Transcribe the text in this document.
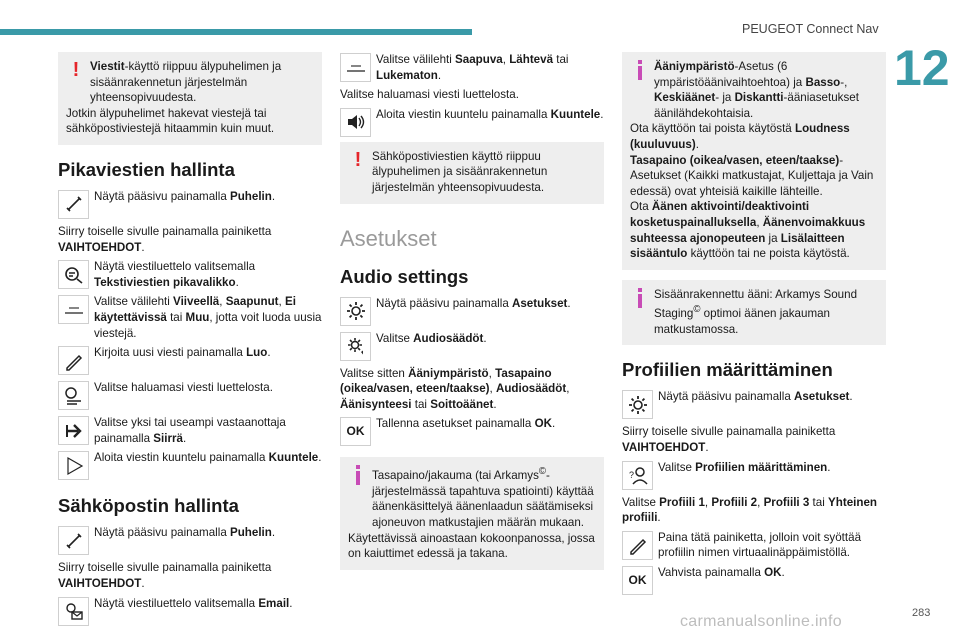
PEUGEOT Connect Nav
12
! Viestit-käyttö riippuu älypuhelimen ja sisäänrakennetun järjestelmän yhteensopivuudesta.
Jotkin älypuhelimet hakevat viestejä tai sähköpostiviestejä hitaammin kuin muut.
Pikaviestien hallinta
Näytä pääsivu painamalla Puhelin.
Siirry toiselle sivulle painamalla painiketta VAIHTOEHDOT.
Näytä viestiluettelo valitsemalla Tekstiviestien pikavalikko.
Valitse välilehti Viiveellä, Saapunut, Ei käytettävissä tai Muu, jotta voit luoda uusia viestejä.
Kirjoita uusi viesti painamalla Luo.
Valitse haluamasi viesti luettelosta.
Valitse yksi tai useampi vastaanottaja painamalla Siirrä.
Aloita viestin kuuntelu painamalla Kuuntele.
Sähköpostin hallinta
Näytä pääsivu painamalla Puhelin.
Siirry toiselle sivulle painamalla painiketta VAIHTOEHDOT.
Näytä viestiluettelo valitsemalla Email.
Valitse välilehti Saapuva, Lähtevä tai Lukematon.
Valitse haluamasi viesti luettelosta.
Aloita viestin kuuntelu painamalla Kuuntele.
! Sähköpostiviestien käyttö riippuu älypuhelimen ja sisäänrakennetun järjestelmän yhteensopivuudesta.
Asetukset
Audio settings
Näytä pääsivu painamalla Asetukset.
Valitse Audiosäädöt.
Valitse sitten Ääniympäristö, Tasapaino (oikea/vasen, eteen/taakse), Audiosäädöt, Äänisynteesi tai Soittoäänet.
OK
Tallenna asetukset painamalla OK.
Tasapaino/jakauma (tai Arkamys©-järjestelmässä tapahtuva spatiointi) käyttää äänenkäsittelyä äänenlaadun säätämiseksi ajoneuvon matkustajien määrän mukaan.
Käytettävissä ainoastaan kokoonpanossa, jossa on kaiuttimet edessä ja takana.
Ääniympäristö-Asetus (6 ympäristöäänivaihtoehtoa) ja Basso-, Keskiäänet- ja Diskantti-ääniasetukset äänilähdekohtaisia.
Ota käyttöön tai poista käytöstä Loudness (kuuluvuus).
Tasapaino (oikea/vasen, eteen/taakse)-Asetukset (Kaikki matkustajat, Kuljettaja ja Vain edessä) ovat yhteisiä kaikille lähteille.
Ota Äänen aktivointi/deaktivointi kosketuspainalluksella, Äänenvoimakkuus suhteessa ajonopeuteen ja Lisälaitteen sisääntulo käyttöön tai ne poista käytöstä.
Sisäänrakennettu ääni: Arkamys Sound Staging© optimoi äänen jakauman matkustamossa.
Profiilien määrittäminen
Näytä pääsivu painamalla Asetukset.
Siirry toiselle sivulle painamalla painiketta VAIHTOEHDOT.
?
Valitse Profiilien määrittäminen.
Valitse Profiili 1, Profiili 2, Profiili 3 tai Yhteinen profiili.
Paina tätä painiketta, jolloin voit syöttää profiilin nimen virtuaalinäppäimistöllä.
OK
Vahvista painamalla OK.
283
carmanualsonline.info
